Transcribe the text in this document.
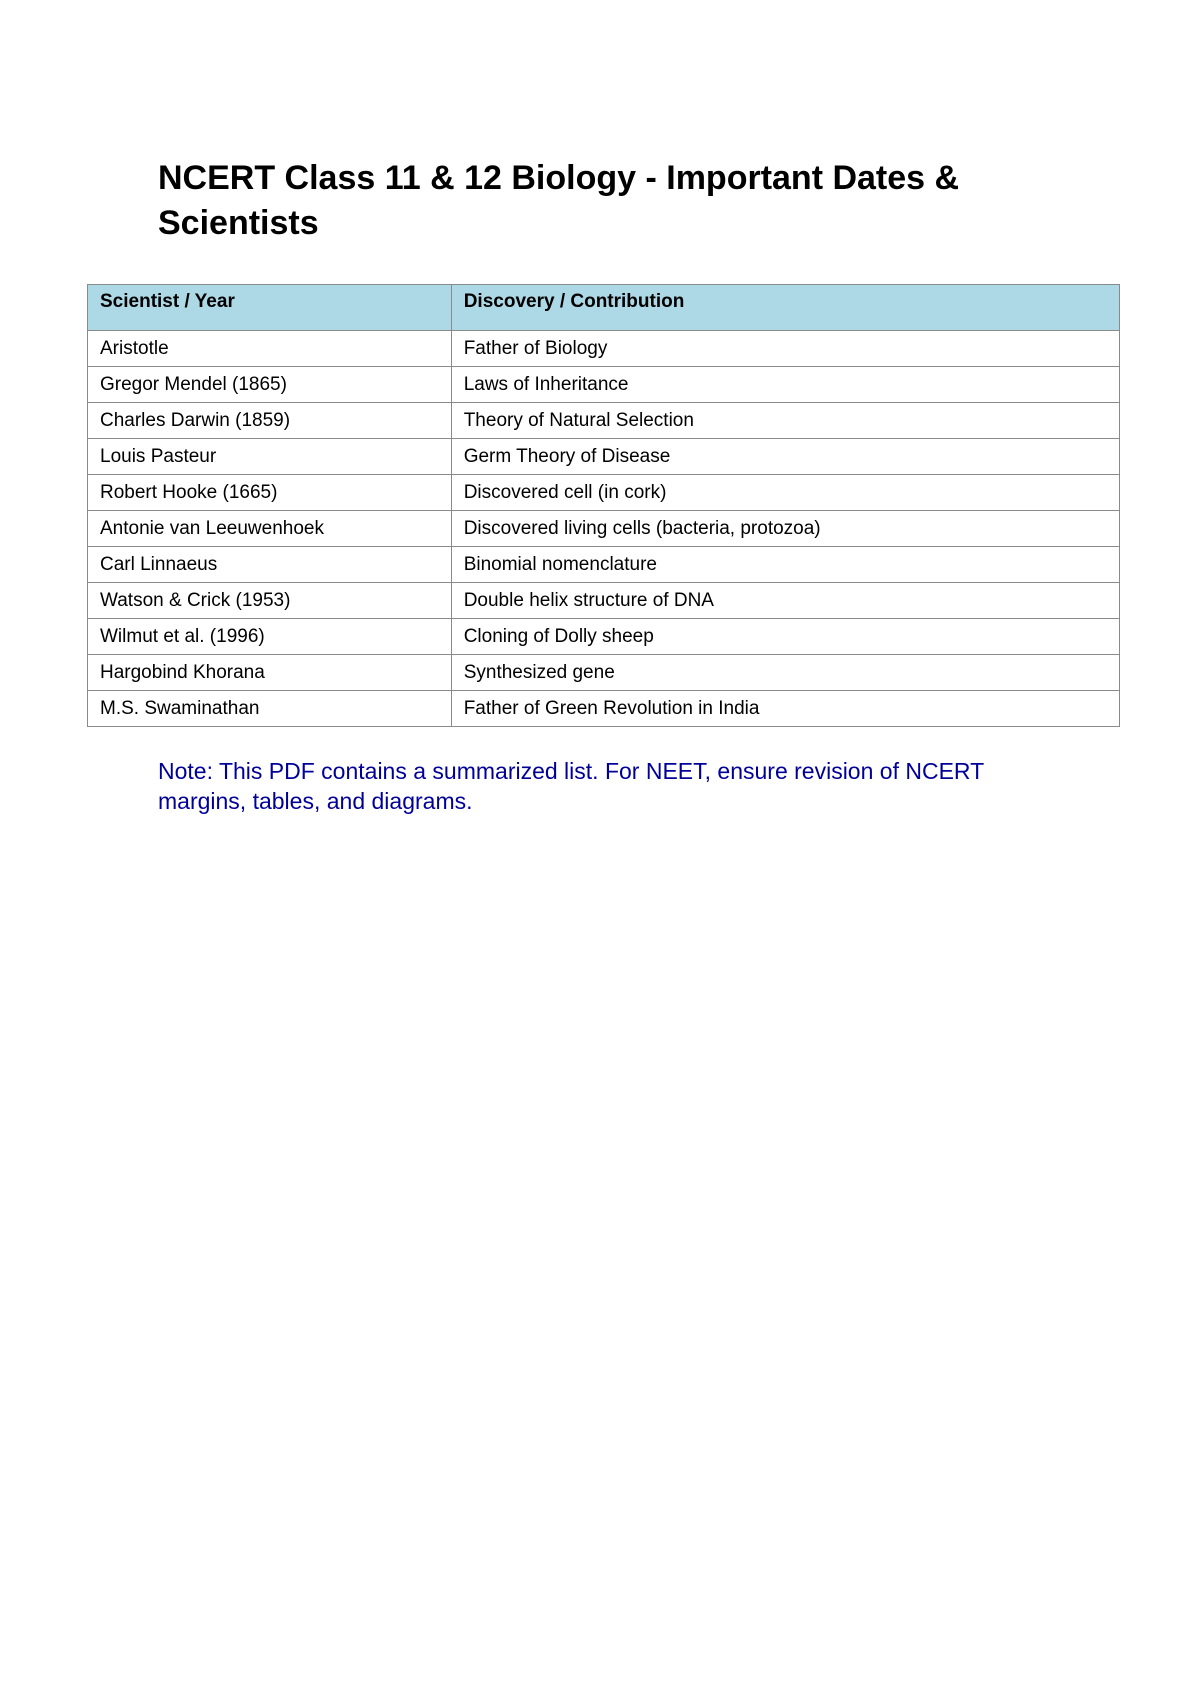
NCERT Class 11 & 12 Biology - Important Dates & Scientists
Scientist / Year	Discovery / Contribution
Aristotle	Father of Biology
Gregor Mendel (1865)	Laws of Inheritance
Charles Darwin (1859)	Theory of Natural Selection
Louis Pasteur	Germ Theory of Disease
Robert Hooke (1665)	Discovered cell (in cork)
Antonie van Leeuwenhoek	Discovered living cells (bacteria, protozoa)
Carl Linnaeus	Binomial nomenclature
Watson & Crick (1953)	Double helix structure of DNA
Wilmut et al. (1996)	Cloning of Dolly sheep
Hargobind Khorana	Synthesized gene
M.S. Swaminathan	Father of Green Revolution in India

Note: This PDF contains a summarized list. For NEET, ensure revision of NCERT margins, tables, and diagrams.
